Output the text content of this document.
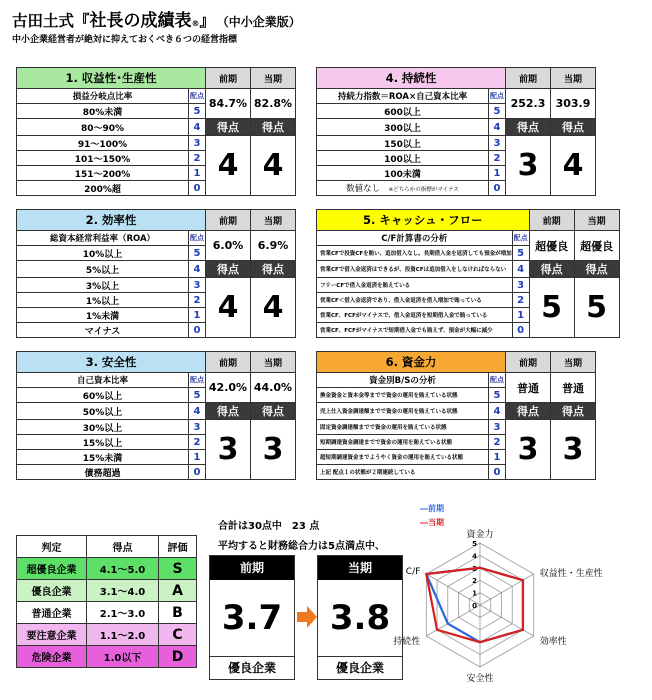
古田土式『社長の成績表®』　 （中小企業版）
中小企業経営者が絶対に抑えておくべき６つの経営指標
1. 収益性･生産性		前期	当期
損益分岐点比率	配点	84.7%	82.8%
80%未満	5		
80〜90%	4	得点	得点
91〜100%	3	4	4
101〜150%	2		
151〜200%	1		
200%超	0		
4. 持続性		前期	当期
持続力指数＝ROA×自己資本比率	配点	252.3	303.9
600以上	5		
300以上	4	得点	得点
150以上	3	3	4
100以上	2		
100未満	1		
数値なし　 ※どちらかの指標がマイナス	0		
2. 効率性		前期	当期
総資本経常利益率（ROA）	配点	6.0%	6.9%
10%以上	5		
5%以上	4	得点	得点
3%以上	3	4	4
1%以上	2		
1%未満	1		
マイナス	0		
5. キャッシュ・フロー		前期	当期
C/F計算書の分析	配点	超優良	超優良
営業CFで投資CFを賄い、追加借入なし。長期借入金を返済しても預金が増加	5		
営業CFで借入金返済はできるが、投資CFは追加借入をしなければならない	4	得点	得点
フリーCFで借入金返済を賄えている	3	5	5
営業CF＜借入金返済であり、借入金返済を借入増加で賄っている	2		
営業CF、FCFがマイナスで、借入金返済を短期借入金で賄っている	1		
営業CF、FCFがマイナスで短期借入金でも賄えず、預金が大幅に減少	0		
3. 安全性		前期	当期
自己資本比率	配点	42.0%	44.0%
60%以上	5		
50%以上	4	得点	得点
30%以上	3	3	3
15%以上	2		
15%未満	1		
債務超過	0		
6. 資金力		前期	当期
資金別B/Sの分析	配点	普通	普通
換金資金と資本金等までで資金の運用を賄えている状態	5		
売上仕入資金調達額までで資金の運用を賄えている状態	4	得点	得点
固定資金調達額までで資金の運用を賄えている状態	3	3	3
短期調達資金調達までで資金の運用を賄えている状態	2		
超短期調達資金までようやく資金の運用を賄えている状態	1		
上記 配点１の状態が２期連続している	0		
合計は30点中　23 点
平均すると財務総合力は5点満点中、
判定	得点	評価
超優良企業	4.1〜5.0	S
優良企業	3.1〜4.0	A
普通企業	2.1〜3.0	B
要注意企業	1.1〜2.0	C
危険企業	1.0以下	D
前期
3.7
優良企業
当期
3.8
優良企業
―前期
―当期
0
1
2
3
4
5
資金力
収益性・生産性
効率性
安全性
持続性
C/F
